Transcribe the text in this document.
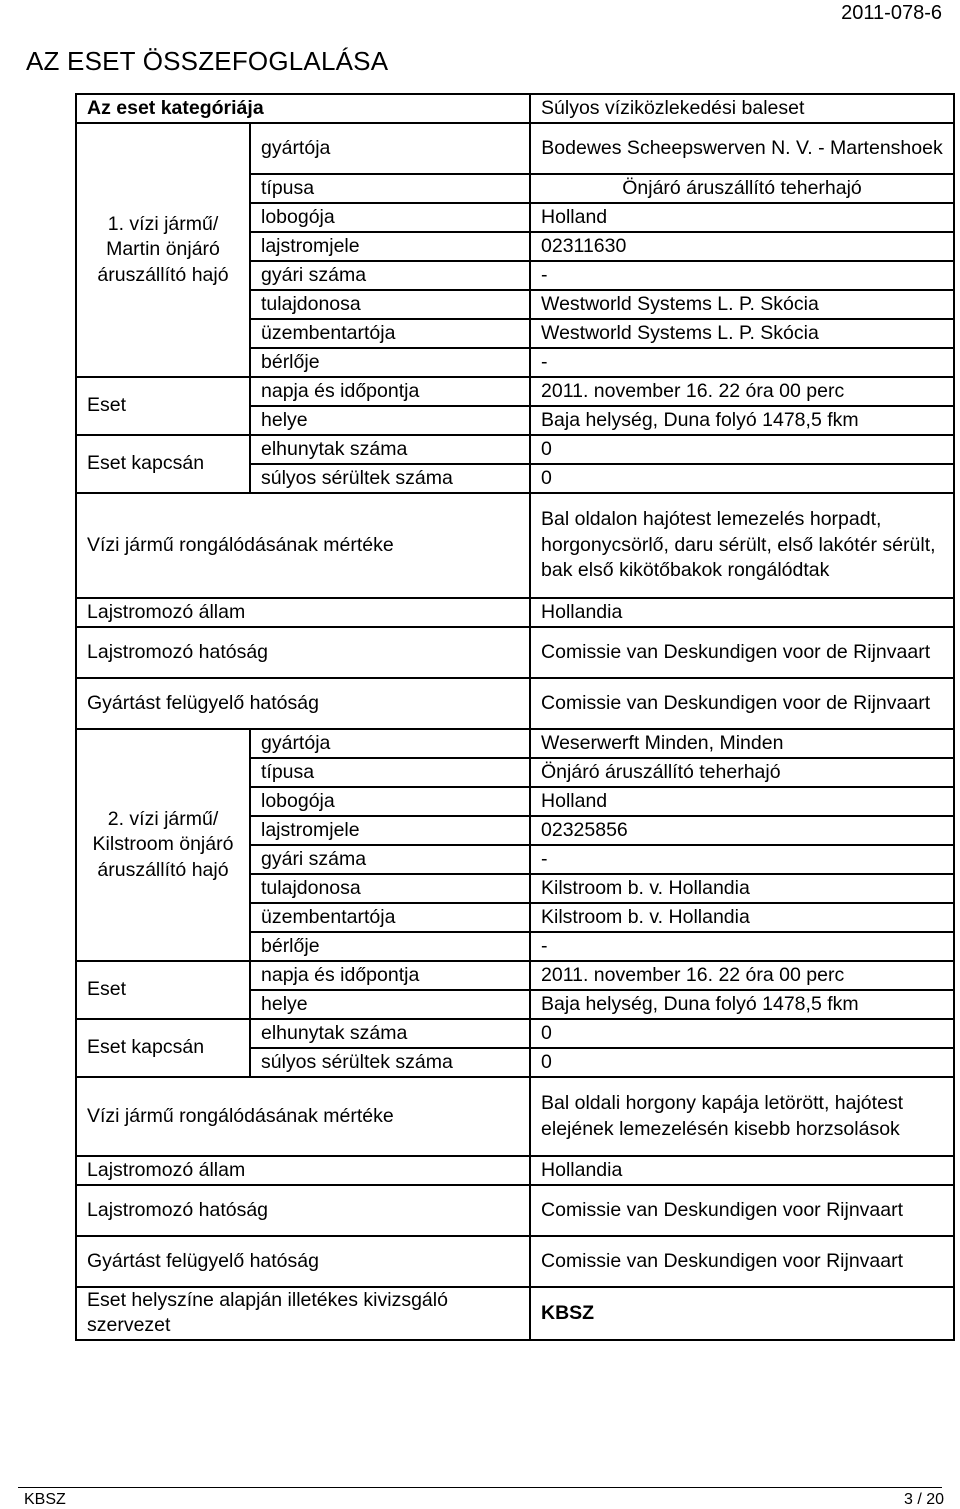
2011-078-6
AZ ESET ÖSSZEFOGLALÁSA
Az eset kategóriája		Súlyos víziközlekedési baleset
1. vízi jármű/ Martin önjáró áruszállító hajó	gyártója	Bodewes Scheepswerven N. V. - Martenshoek
	típusa	Önjáró áruszállító teherhajó
	lobogója	Holland
	lajstromjele	02311630
	gyári száma	-
	tulajdonosa	Westworld Systems L. P. Skócia
	üzembentartója	Westworld Systems L. P. Skócia
	bérlője	-
Eset	napja és időpontja	2011. november 16. 22 óra 00 perc
	helye	Baja helység, Duna folyó 1478,5 fkm
Eset kapcsán	elhunytak száma	0
	súlyos sérültek száma	0
Vízi jármű rongálódásának mértéke		Bal oldalon hajótest lemezelés horpadt, horgonycsörlő, daru sérült, első lakótér sérült, bak első kikötőbakok rongálódtak
Lajstromozó állam		Hollandia
Lajstromozó hatóság		Comissie van Deskundigen voor de Rijnvaart
Gyártást felügyelő hatóság		Comissie van Deskundigen voor de Rijnvaart
2. vízi jármű/ Kilstroom önjáró áruszállító hajó	gyártója	Weserwerft Minden, Minden
	típusa	Önjáró áruszállító teherhajó
	lobogója	Holland
	lajstromjele	02325856
	gyári száma	-
	tulajdonosa	Kilstroom b. v. Hollandia
	üzembentartója	Kilstroom b. v. Hollandia
	bérlője	-
Eset	napja és időpontja	2011. november 16. 22 óra 00 perc
	helye	Baja helység, Duna folyó 1478,5 fkm
Eset kapcsán	elhunytak száma	0
	súlyos sérültek száma	0
Vízi jármű rongálódásának mértéke		Bal oldali horgony kapája letörött, hajótest elejének lemezelésén kisebb horzsolások
Lajstromozó állam		Hollandia
Lajstromozó hatóság		Comissie van Deskundigen voor Rijnvaart
Gyártást felügyelő hatóság		Comissie van Deskundigen voor Rijnvaart
Eset helyszíne alapján illetékes kivizsgáló szervezet		KBSZ
KBSZ	3 / 20
